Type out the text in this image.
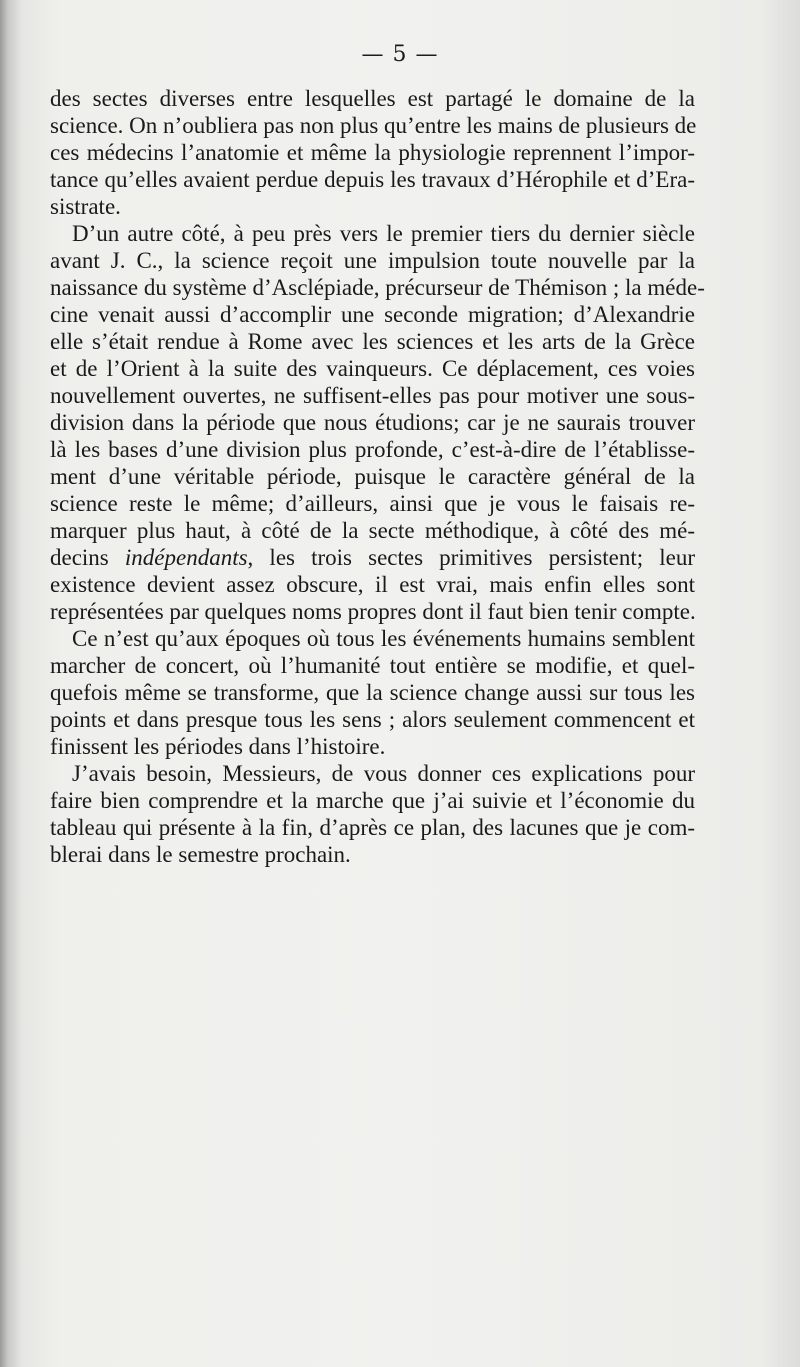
— 5 —
des sectes diverses entre lesquelles est partagé le domaine de la
science. On n’oubliera pas non plus qu’entre les mains de plusieurs de
ces médecins l’anatomie et même la physiologie reprennent l’impor-
tance qu’elles avaient perdue depuis les travaux d’Hérophile et d’Era-
sistrate.
D’un autre côté, à peu près vers le premier tiers du dernier siècle
avant J. C., la science reçoit une impulsion toute nouvelle par la
naissance du système d’Asclépiade, précurseur de Thémison ; la méde-
cine venait aussi d’accomplir une seconde migration; d’Alexandrie
elle s’était rendue à Rome avec les sciences et les arts de la Grèce
et de l’Orient à la suite des vainqueurs. Ce déplacement, ces voies
nouvellement ouvertes, ne suffisent-elles pas pour motiver une sous-
division dans la période que nous étudions; car je ne saurais trouver
là les bases d’une division plus profonde, c’est-à-dire de l’établisse-
ment d’une véritable période, puisque le caractère général de la
science reste le même; d’ailleurs, ainsi que je vous le faisais re-
marquer plus haut, à côté de la secte méthodique, à côté des mé-
decins indépendants, les trois sectes primitives persistent; leur
existence devient assez obscure, il est vrai, mais enfin elles sont
représentées par quelques noms propres dont il faut bien tenir compte.
Ce n’est qu’aux époques où tous les événements humains semblent
marcher de concert, où l’humanité tout entière se modifie, et quel-
quefois même se transforme, que la science change aussi sur tous les
points et dans presque tous les sens ; alors seulement commencent et
finissent les périodes dans l’histoire.
J’avais besoin, Messieurs, de vous donner ces explications pour
faire bien comprendre et la marche que j’ai suivie et l’économie du
tableau qui présente à la fin, d’après ce plan, des lacunes que je com-
blerai dans le semestre prochain.
